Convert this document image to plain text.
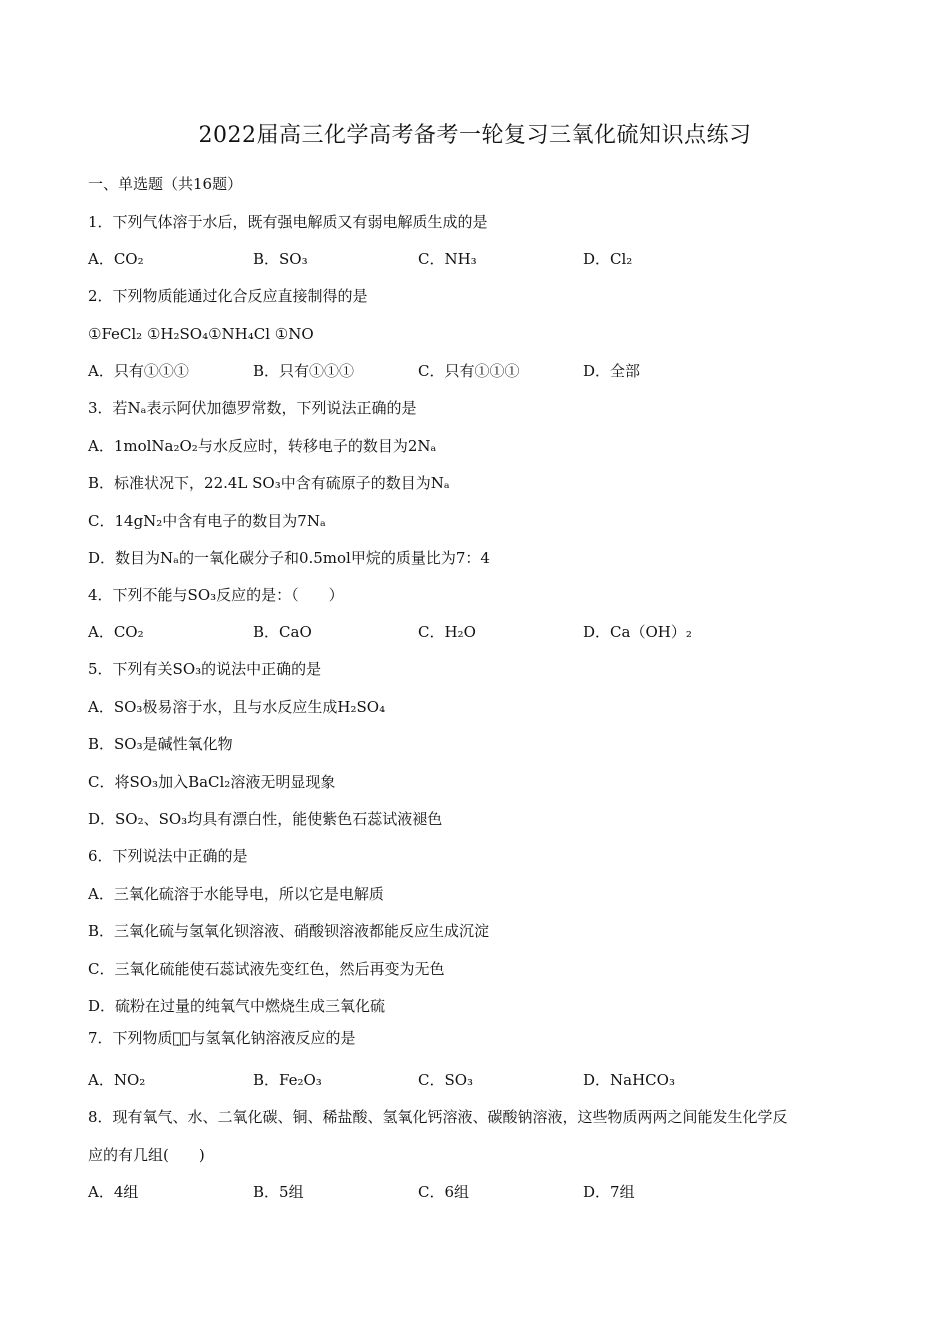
2022届高三化学高考备考一轮复习三氧化硫知识点练习
一、单选题（共16题）
1．下列气体溶于水后，既有强电解质又有弱电解质生成的是
A．CO₂	B．SO₃	C．NH₃	D．Cl₂
2．下列物质能通过化合反应直接制得的是
①FeCl₂ ①H₂SO₄①NH₄Cl ①NO
A．只有①①①	B．只有①①①	C．只有①①①	D．全部
3．若Nₐ表示阿伏加德罗常数，下列说法正确的是
A．1molNa₂O₂与水反应时，转移电子的数目为2Nₐ
B．标准状况下，22.4L SO₃中含有硫原子的数目为Nₐ
C．14gN₂中含有电子的数目为7Nₐ
D．数目为Nₐ的一氧化碳分子和0.5mol甲烷的质量比为7：4
4．下列不能与SO₃反应的是：（　　）
A．CO₂	B．CaO	C．H₂O	D．Ca（OH）₂
5．下列有关SO₃的说法中正确的是
A．SO₃极易溶于水，且与水反应生成H₂SO₄
B．SO₃是碱性氧化物
C．将SO₃加入BaCl₂溶液无明显现象
D．SO₂、SO₃均具有漂白性，能使紫色石蕊试液褪色
6．下列说法中正确的是
A．三氧化硫溶于水能导电，所以它是电解质
B．三氧化硫与氢氧化钡溶液、硝酸钡溶液都能反应生成沉淀
C．三氧化硫能使石蕊试液先变红色，然后再变为无色
D．硫粉在过量的纯氧气中燃烧生成三氧化硫
7．下列物质不̣能̣与氢氧化钠溶液反应的是
A．NO₂	B．Fe₂O₃	C．SO₃	D．NaHCO₃
8．现有氧气、水、二氧化碳、铜、稀盐酸、氢氧化钙溶液、碳酸钠溶液，这些物质两两之间能发生化学反
应的有几组(　　)
A．4组	B．5组	C．6组	D．7组
